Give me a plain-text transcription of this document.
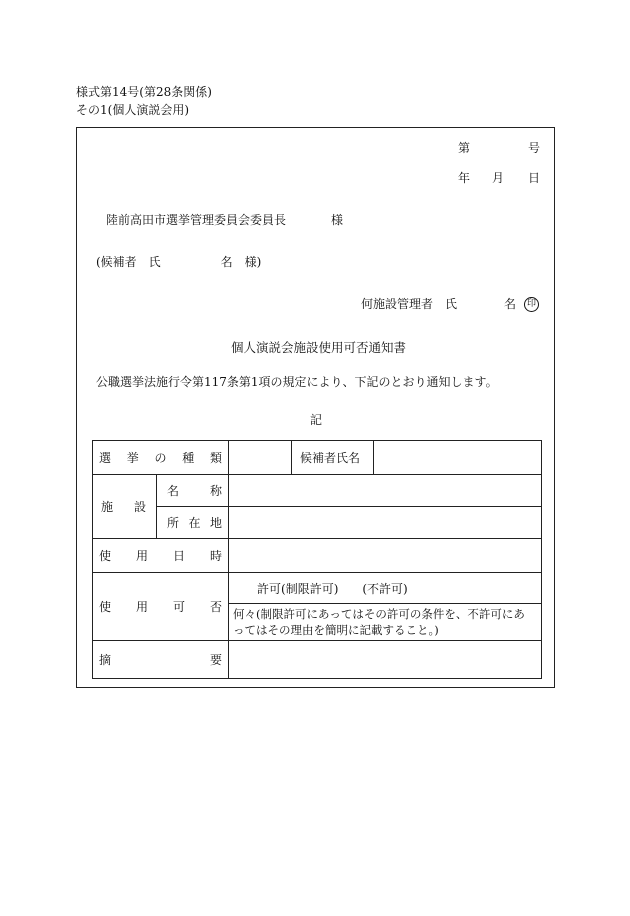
様式第14号(第28条関係)
その1(個人演説会用)
第	号
年 月 日
陸前高田市選挙管理委員会委員長	様
(候補者　氏　　　　　名　様)
何施設管理者　氏	名	印
個人演説会施設使用可否通知書
公職選挙法施行令第117条第1項の規定により、下記のとおり通知します。
記
選 挙 の 種 類			候補者氏名	

施 設	名 称			

	所 在 地			

使 用 日 時				

使 用 可 否		許可(制限許可)　　(不許可)		

		何々(制限許可にあってはその許可の条件を、不許可にあ
ってはその理由を簡明に記載すること。)		

摘 要				
